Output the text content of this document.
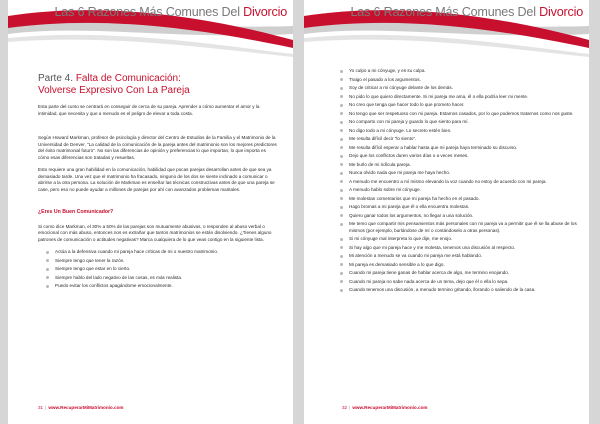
Las 6 Razones Más Comunes Del Divorcio
Parte 4. Falta de Comunicación:
Volverse Expresivo Con La Pareja

Esta parte del curso se centrará en conseguir de cerca de su pareja. Aprender a cómo aumentar el amor y la intimidad, que necesita y que a menudo es el peligro de elevar a toda costa.

Según Howard Markman, profesor de psicología y director del Centro de Estudios de la Familia y el Matrimonio de la Universidad de Denver, "La calidad de la comunicación de la pareja antes del matrimonio son los mejores predictores del éxito matrimonial futuro". No son las diferencias de opinión y preferencias lo que importan, lo que importa es cómo esas diferencias son tratadas y resueltas.

Esto requiere una gran habilidad en la comunicación, habilidad que pocas parejas desarrollan antes de que sea ya demasiado tarde. Una vez que el matrimonio ha fracasado, ninguno de los dos se siente inclinado a comunicar o abrirse a la otra persona. La solución de Markman es enseñar las técnicas constructivas antes de que una pareja se case, pero eso no puede ayudar a millones de parejas por ahí con avanzados problemas maritales.

¿Eres Un Buen Comunicador?

Si como dice Markman, el 30% a 50% de las parejas son mutuamente abusivas, o responden al abuso verbal o emocional con más abuso, entonces nos es extrañar que tantos matrimonios se están disolviendo. ¿Tienes alguno patrones de comunicación o actitudes negativas? Marca cualquiera de lo que veas contigo en la siguiente lista.

Actúa a la defensiva cuando mi pareja hace críticas de mi o nuestro matrimonio.
Siempre tengo que tener la razón.
Siempre tengo que estar en lo cierto.
Siempre hablo del lado negativo de las cosas, es más realista.
Puedo evitar los conflictos apagándome emocionalmente.
31 | www.RecuperarMiMatrimonio.com
Las 6 Razones Más Comunes Del Divorcio
Yo culpo a mi cónyuge, y es su culpa.
Traigo el pasado a los argumentos.
Soy de criticar a mi cónyuge delante de los demás.
No pido lo que quiero directamente. Si mi pareja me ama, él o ella podría leer mi mente.
No creo que tenga que hacer todo lo que prometo hacer.
No tengo que ser respetuoso con mi pareja. Estamos casados, por lo que podemos tratarnos como nos guste.
No comparto con mi pareja y guardo lo que siento para mí.
No digo todo a mi cónyuge. Lo secreto estén bien.
Me resulta difícil decir "lo siento".
Me resulta difícil esperar a hablar hasta que mi pareja haya terminado su discurso.
Dejo que los conflictos duren varios días o a veces meses.
Me burlo de mi ridícula pareja.
Nunca olvido nada que mi pareja me haya hecho.
A menudo me encuentro a mí mismo elevando la voz cuando no estoy de acuerdo con mi pareja.
A menudo hablo sobre mi cónyuge.
Me molestan comentarios que mi pareja ha hecho en el pasado.
Hago bromas a mi pareja que él o ella encuentra molestas.
Quiero ganar todos los argumentos, no llegar a una solución.
Me temo que compartir mis pensamientos más personales con mi pareja va a permitir que él se lla abuse de los mismos (por ejemplo, burlándose de mí o contándoselo a otras personas).
Si mi cónyuge mal interpreta lo que dije, me enojo.
Si hay algo que mi pareja hace y me molesta, tenemos una discusión al respecto.
Mi atención a menudo se va cuando mi pareja me está hablando.
Mi pareja es demasiado sensible a lo que digo.
Cuando mi pareja tiene ganas de hablar acerca de algo, me termino enojando.
Cuando mi pareja no sabe nada acerca de un tema, dejo que él o ella lo sepa.
Cuando tenemos una discusión, a menudo termino gritando, llorando o saliendo de la casa.
32 | www.RecuperarMiMatrimonio.com
